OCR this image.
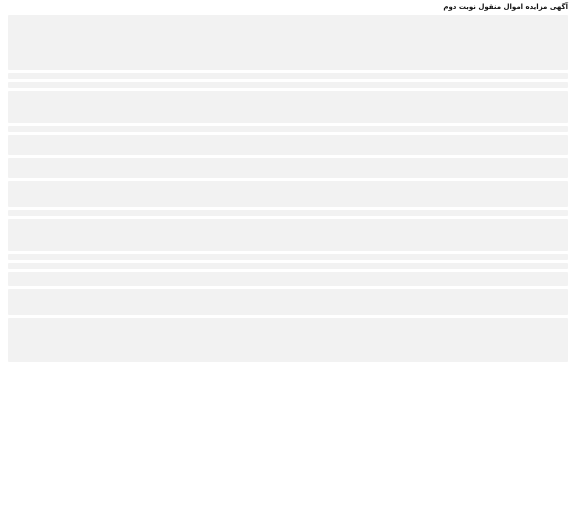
آگهی مزایده اموال منقول نوبت دوم
